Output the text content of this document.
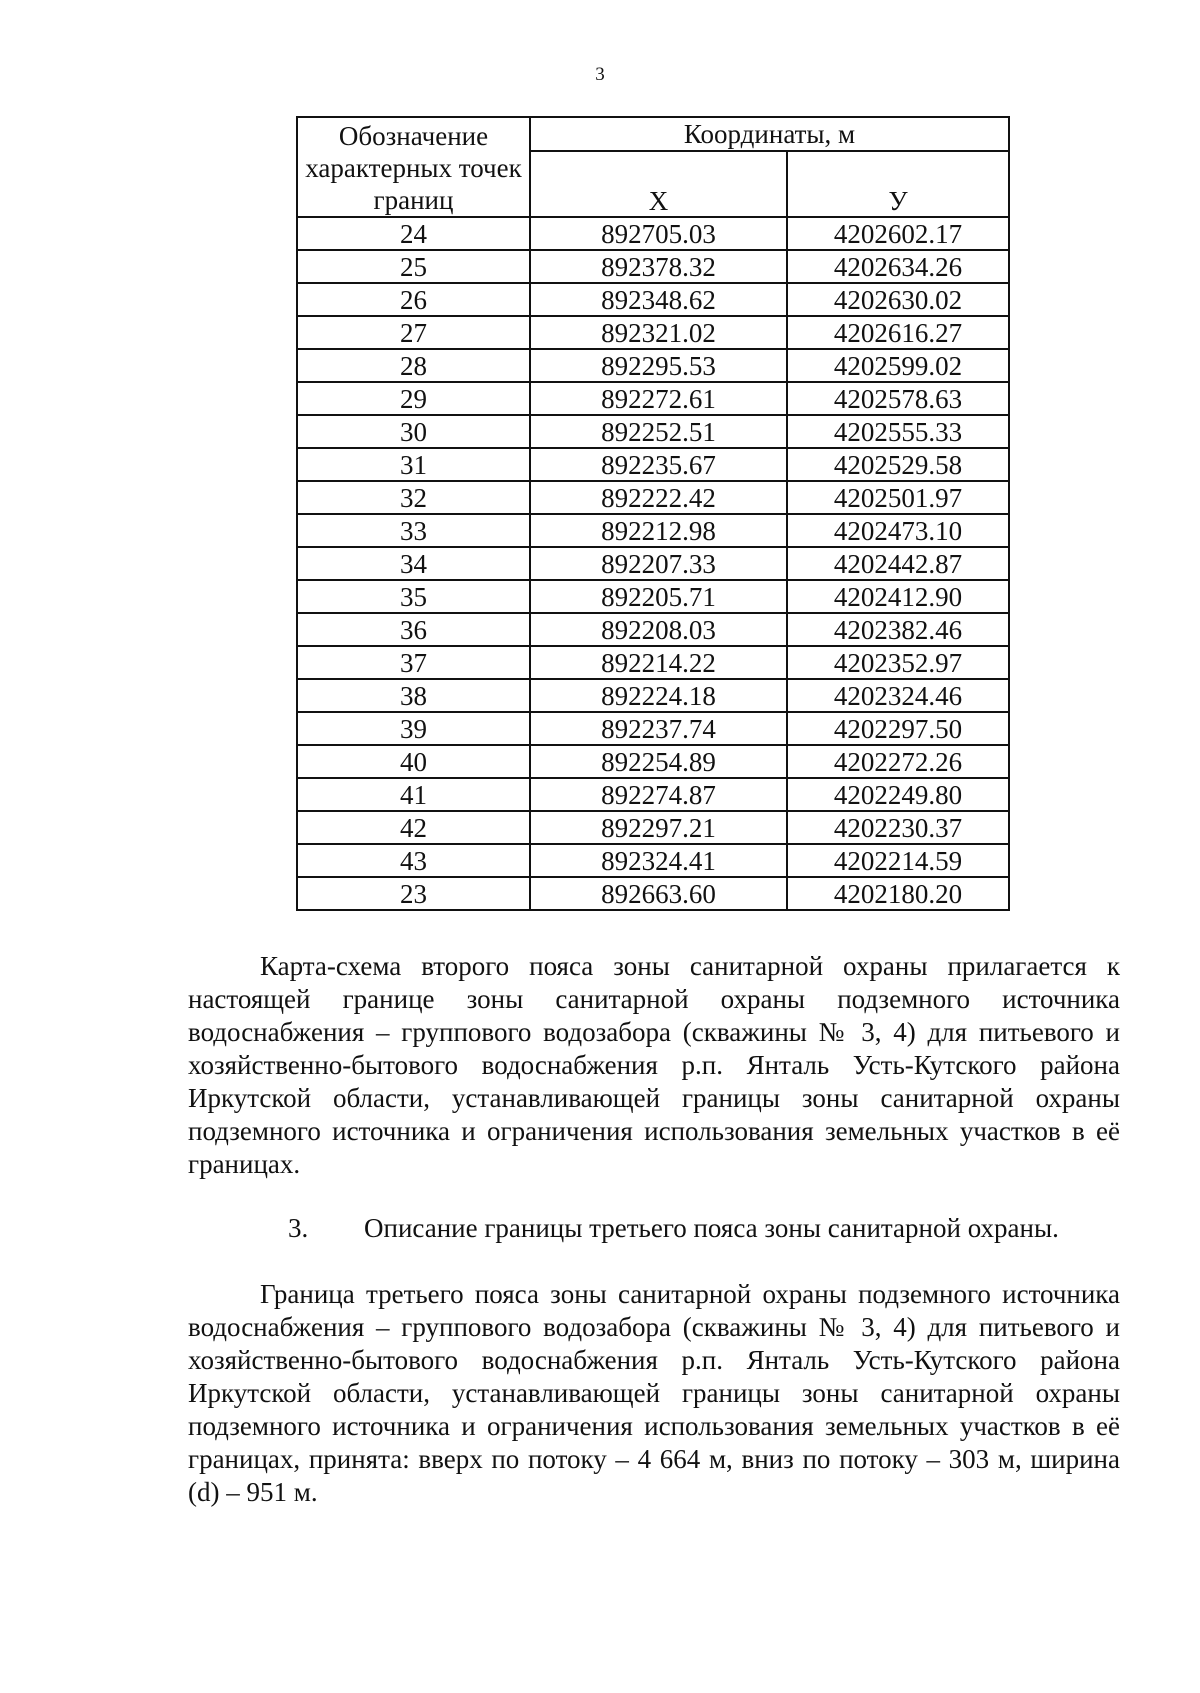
3
Обозначение характерных точек границ	Координаты, м	
	X	У
24	892705.03	4202602.17
25	892378.32	4202634.26
26	892348.62	4202630.02
27	892321.02	4202616.27
28	892295.53	4202599.02
29	892272.61	4202578.63
30	892252.51	4202555.33
31	892235.67	4202529.58
32	892222.42	4202501.97
33	892212.98	4202473.10
34	892207.33	4202442.87
35	892205.71	4202412.90
36	892208.03	4202382.46
37	892214.22	4202352.97
38	892224.18	4202324.46
39	892237.74	4202297.50
40	892254.89	4202272.26
41	892274.87	4202249.80
42	892297.21	4202230.37
43	892324.41	4202214.59
23	892663.60	4202180.20

Карта-схема второго пояса зоны санитарной охраны прилагается к настоящей границе зоны санитарной охраны подземного источника водоснабжения – группового водозабора (скважины № 3, 4) для питьевого и хозяйственно-бытового водоснабжения р.п. Янталь Усть-Кутского района Иркутской области, устанавливающей границы зоны санитарной охраны подземного источника и ограничения использования земельных участков в её границах.

3. Описание границы третьего пояса зоны санитарной охраны.

Граница третьего пояса зоны санитарной охраны подземного источника водоснабжения – группового водозабора (скважины № 3, 4) для питьевого и хозяйственно-бытового водоснабжения р.п. Янталь Усть-Кутского района Иркутской области, устанавливающей границы зоны санитарной охраны подземного источника и ограничения использования земельных участков в её границах, принята: вверх по потоку – 4 664 м, вниз по потоку – 303 м, ширина (d) – 951 м.
